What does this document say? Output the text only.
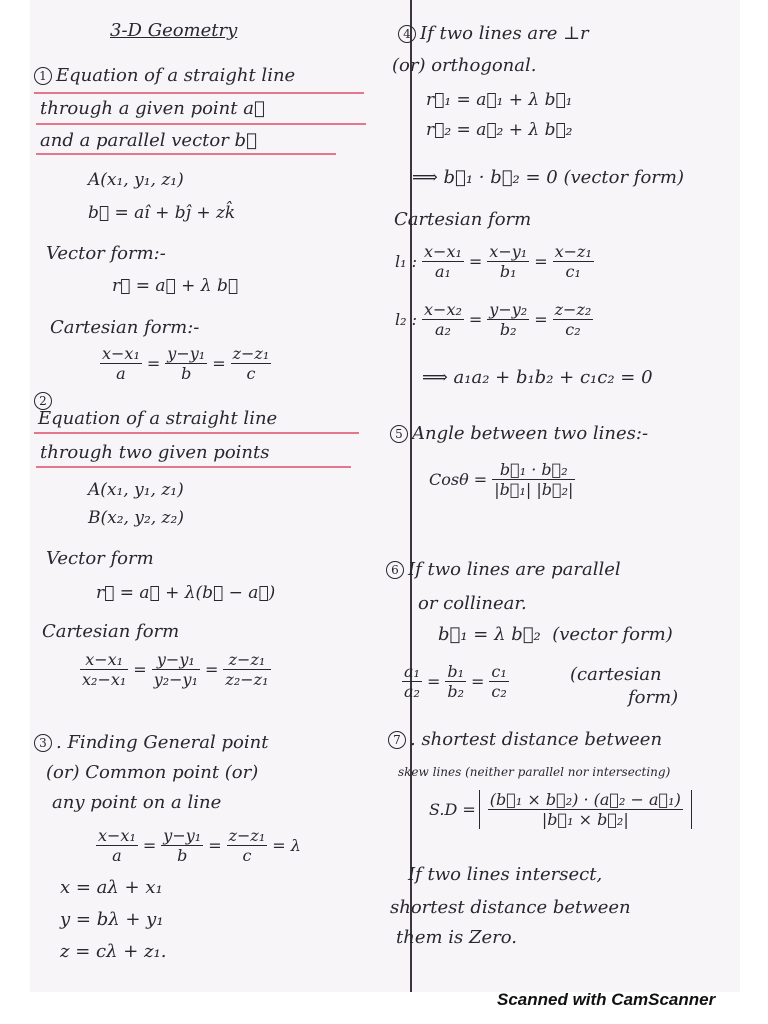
3-D Geometry
1 Equation of a straight line
through a given point a⃗
and a parallel vector b⃗
A(x₁, y₁, z₁)
b⃗ = aî + bĵ + zk̂
Vector form:-
r⃗ = a⃗ + λ b⃗
Cartesian form:-
$\frac{\text{x−x₁}}{a} = \frac{\text{y−y₁}}{b} = \frac{\text{z−z₁}}{c}$
2
Equation of a straight line
through two given points
A(x₁, y₁, z₁)
B(x₂, y₂, z₂)
Vector form
r⃗ = a⃗ + λ(b⃗ − a⃗)
Cartesian form
$\frac{\text{x−x₁}}{\text{x₂−x₁}} = \frac{\text{y−y₁}}{\text{y₂−y₁}} = \frac{\text{z−z₁}}{\text{z₂−z₁}}$
3 . Finding General point
(or) Common point (or)
any point on a line
$\frac{\text{x−x₁}}{a} = \frac{\text{y−y₁}}{b} = \frac{\text{z−z₁}}{c} = \lambda$
x = aλ + x₁
y = bλ + y₁
z = cλ + z₁.
4 If two lines are ⊥r
(or) orthogonal.
r⃗₁ = a⃗₁ + λ b⃗₁
r⃗₂ = a⃗₂ + λ b⃗₂
⟹ b⃗₁ · b⃗₂ = 0 (vector form)
Cartesian form
l₁ : $\frac{\text{x−x₁}}{\text{a₁}} = \frac{\text{x−y₁}}{\text{b₁}} = \frac{\text{x−z₁}}{\text{c₁}}$
l₂ : $\frac{\text{x−x₂}}{\text{a₂}} = \frac{\text{y−y₂}}{\text{b₂}} = \frac{\text{z−z₂}}{\text{c₂}}$
⟹ a₁a₂ + b₁b₂ + c₁c₂ = 0
5 Angle between two lines:-
$Cos\theta = \frac{\text{b⃗₁ · b⃗₂}}{\text{|b⃗₁| |b⃗₂|}}$
6 If two lines are parallel
or collinear.
b⃗₁ = λ b⃗₂ (vector form)
$\frac{\text{a₁}}{\text{a₂}} = \frac{\text{b₁}}{\text{b₂}} = \frac{\text{c₁}}{\text{c₂}}$	(cartesian
form)
7 . shortest distance between
skew lines (neither parallel nor intersecting)
$S.D = \frac{\text{(b⃗₁ × b⃗₂) · (a⃗₂ − a⃗₁)}}{\text{|b⃗₁ × b⃗₂|}}$
If two lines intersect,
shortest distance between
them is Zero.
Scanned with CamScanner
